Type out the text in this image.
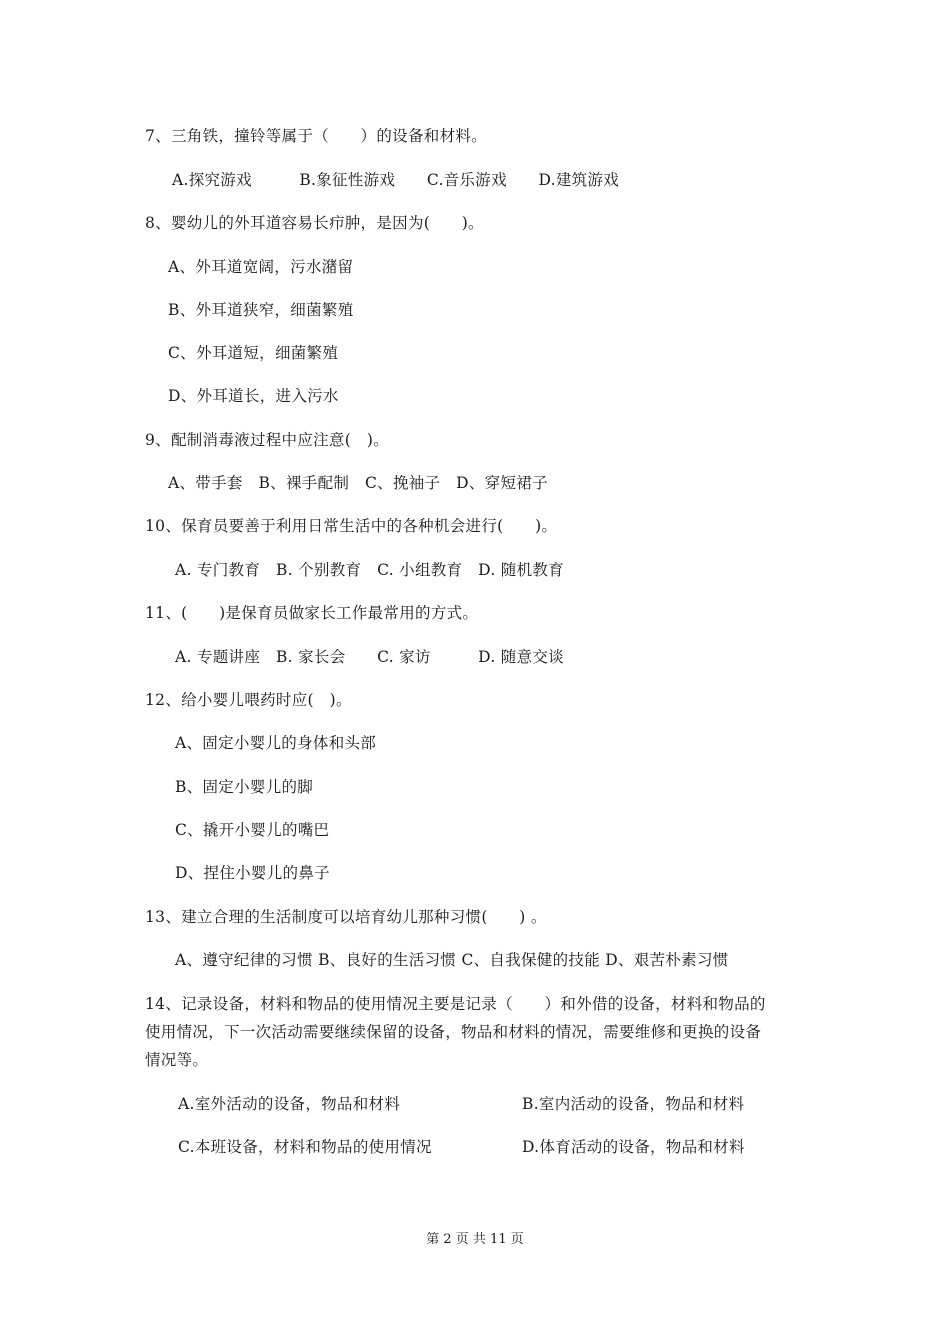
7、三角铁，撞铃等属于（　　）的设备和材料。
A.探究游戏　　　B.象征性游戏　　C.音乐游戏　　D.建筑游戏
8、婴幼儿的外耳道容易长疖肿，是因为(　　)。
A、外耳道宽阔，污水潴留
B、外耳道狭窄，细菌繁殖
C、外耳道短，细菌繁殖
D、外耳道长，进入污水
9、配制消毒液过程中应注意(　)。
A、带手套　B、裸手配制　C、挽袖子　D、穿短裙子
10、保育员要善于利用日常生活中的各种机会进行(　　)。
A. 专门教育　B. 个别教育　C. 小组教育　D. 随机教育
11、(　　)是保育员做家长工作最常用的方式。
A. 专题讲座　B. 家长会　　C. 家访　　　D. 随意交谈
12、给小婴儿喂药时应(　)。
A、固定小婴儿的身体和头部
B、固定小婴儿的脚
C、撬开小婴儿的嘴巴
D、捏住小婴儿的鼻子
13、建立合理的生活制度可以培育幼儿那种习惯(　　) 。
A、遵守纪律的习惯 B、良好的生活习惯 C、自我保健的技能 D、艰苦朴素习惯
14、记录设备，材料和物品的使用情况主要是记录（　　）和外借的设备，材料和物品的
使用情况，下一次活动需要继续保留的设备，物品和材料的情况，需要维修和更换的设备
情况等。
A.室外活动的设备，物品和材料	B.室内活动的设备，物品和材料
C.本班设备，材料和物品的使用情况	D.体育活动的设备，物品和材料
第 2 页 共 11 页
